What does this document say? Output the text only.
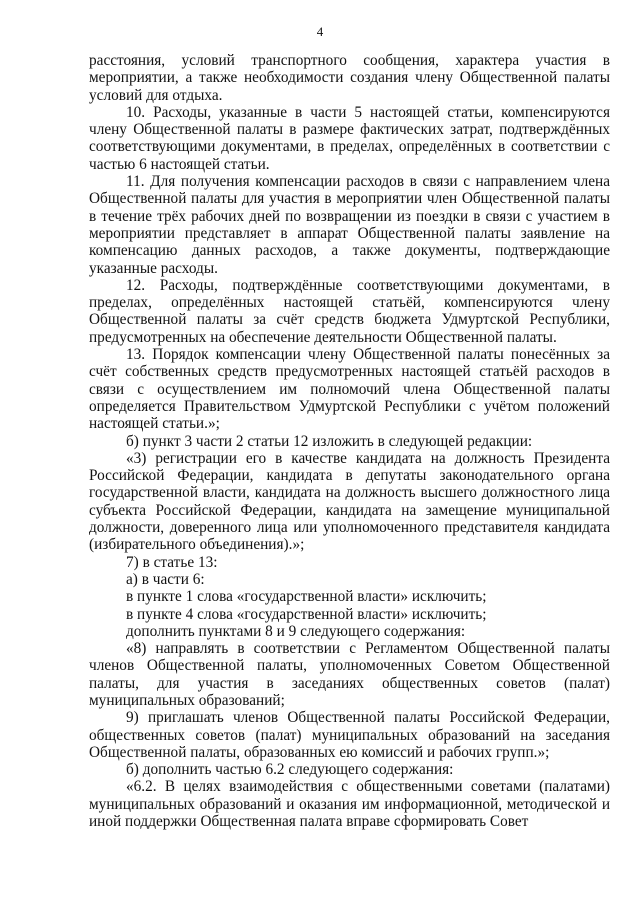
4

расстояния, условий транспортного сообщения, характера участия в мероприятии, а также необходимости создания члену Общественной палаты условий для отдыха.

10. Расходы, указанные в части 5 настоящей статьи, компенсируются члену Общественной палаты в размере фактических затрат, подтверждённых соответствующими документами, в пределах, определённых в соответствии с частью 6 настоящей статьи.

11. Для получения компенсации расходов в связи с направлением члена Общественной палаты для участия в мероприятии член Общественной палаты в течение трёх рабочих дней по возвращении из поездки в связи с участием в мероприятии представляет в аппарат Общественной палаты заявление на компенсацию данных расходов, а также документы, подтверждающие указанные расходы.

12. Расходы, подтверждённые соответствующими документами, в пределах, определённых настоящей статьёй, компенсируются члену Общественной палаты за счёт средств бюджета Удмуртской Республики, предусмотренных на обеспечение деятельности Общественной палаты.

13. Порядок компенсации члену Общественной палаты понесённых за счёт собственных средств предусмотренных настоящей статьёй расходов в связи с осуществлением им полномочий члена Общественной палаты определяется Правительством Удмуртской Республики с учётом положений настоящей статьи.»;

б) пункт 3 части 2 статьи 12 изложить в следующей редакции:

«3) регистрации его в качестве кандидата на должность Президента Российской Федерации, кандидата в депутаты законодательного органа государственной власти, кандидата на должность высшего должностного лица субъекта Российской Федерации, кандидата на замещение муниципальной должности, доверенного лица или уполномоченного представителя кандидата (избирательного объединения).»;

7) в статье 13:

а) в части 6:

в пункте 1 слова «государственной власти» исключить;

в пункте 4 слова «государственной власти» исключить;

дополнить пунктами 8 и 9 следующего содержания:

«8) направлять в соответствии с Регламентом Общественной палаты членов Общественной палаты, уполномоченных Советом Общественной палаты, для участия в заседаниях общественных советов (палат) муниципальных образований;

9) приглашать членов Общественной палаты Российской Федерации, общественных советов (палат) муниципальных образований на заседания Общественной палаты, образованных ею комиссий и рабочих групп.»;

б) дополнить частью 6.2 следующего содержания:

«6.2. В целях взаимодействия с общественными советами (палатами) муниципальных образований и оказания им информационной, методической и иной поддержки Общественная палата вправе сформировать Совет
